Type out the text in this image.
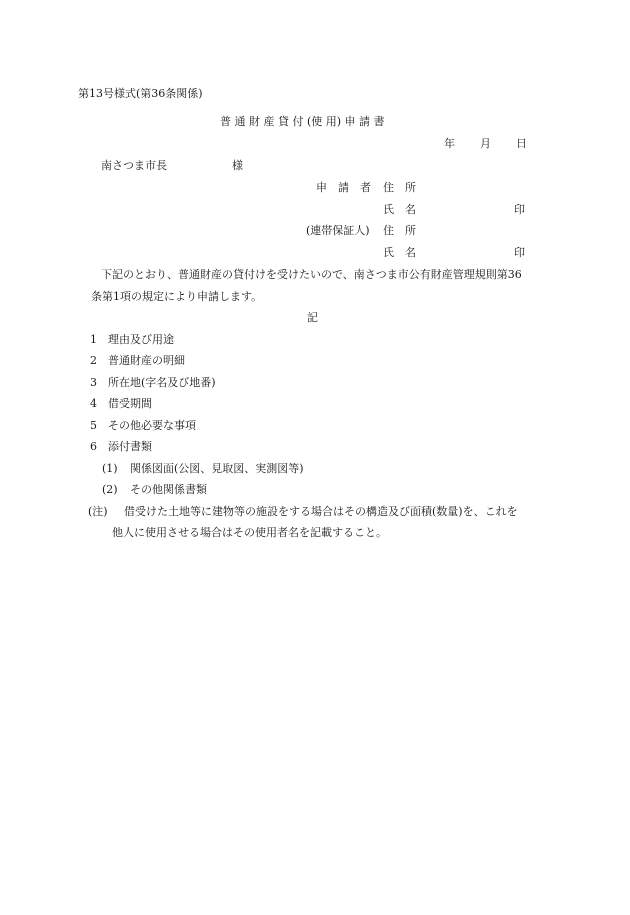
第13号様式(第36条関係)
普 通 財 産 貸 付 (使 用) 申 請 書
年 月 日
南さつま市長	様
申　請　者 住　所
氏　名	印
(連帯保証人) 住　所
氏　名	印
下記のとおり、普通財産の貸付けを受けたいので、南さつま市公有財産管理規則第36
条第1項の規定により申請します。
記
1 理由及び用途
2 普通財産の明細
3 所在地(字名及び地番)
4 借受期間
5 その他必要な事項
6 添付書類
(1) 関係図面(公図、見取図、実測図等)
(2) その他関係書類
(注) 借受けた土地等に建物等の施設をする場合はその構造及び面積(数量)を、これを
他人に使用させる場合はその使用者名を記載すること。
